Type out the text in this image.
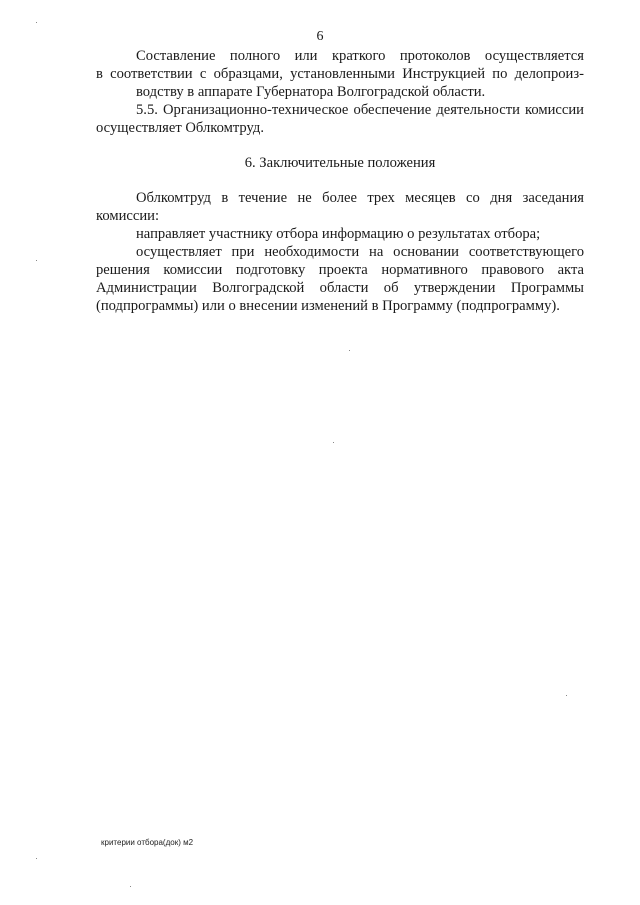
6
Составление полного или краткого протоколов осуществляется
в соответствии с образцами, установленными Инструкцией по делопроиз-
водству в аппарате Губернатора Волгоградской области.
5.5. Организационно-техническое обеспечение деятельности комиссии
осуществляет Облкомтруд.
6. Заключительные положения
Облкомтруд в течение не более трех месяцев со дня заседания
комиссии:
направляет участнику отбора информацию о результатах отбора;
осуществляет при необходимости на основании соответствующего
решения комиссии подготовку проекта нормативного правового акта
Администрации Волгоградской области об утверждении Программы
(подпрограммы) или о внесении изменений в Программу (подпрограмму).
критерии отбора(док) м2
